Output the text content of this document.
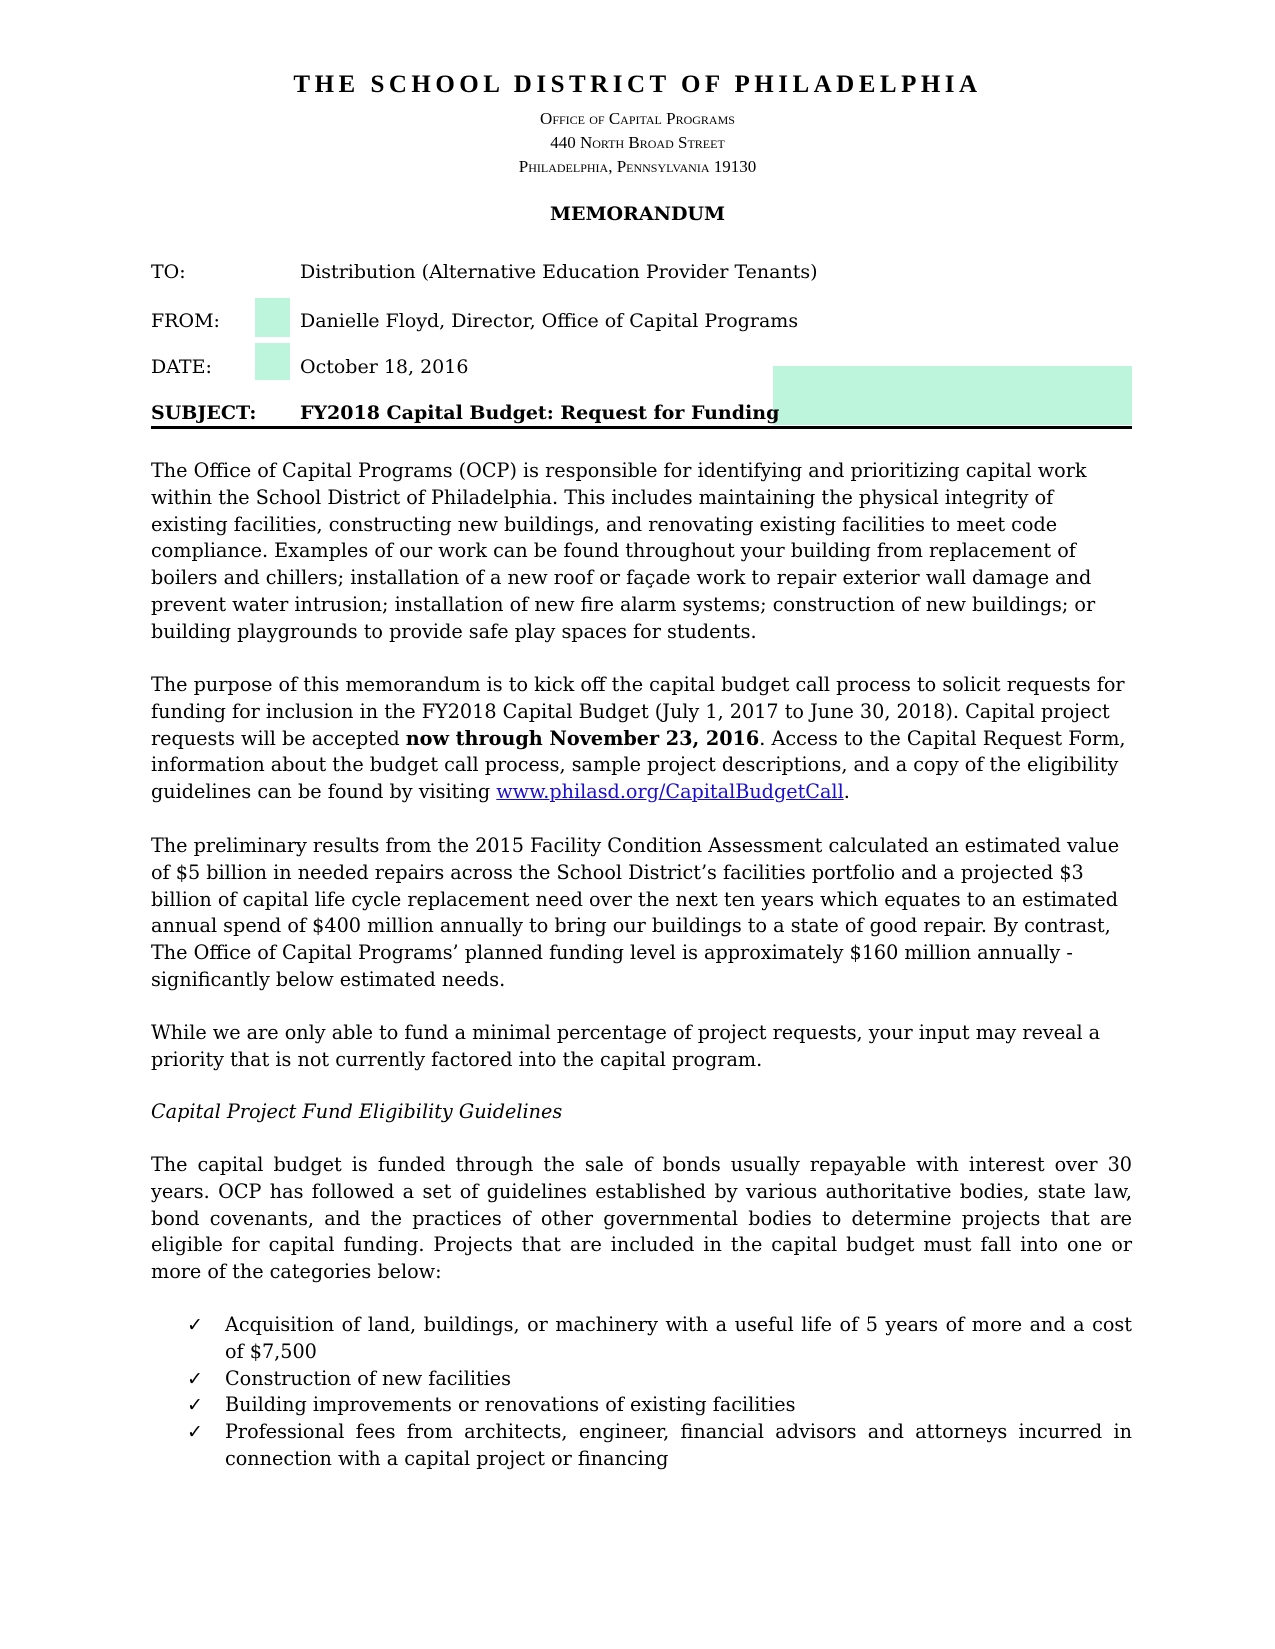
THE SCHOOL DISTRICT OF PHILADELPHIA
Office of Capital Programs
440 North Broad Street
Philadelphia, Pennsylvania 19130
MEMORANDUM
TO:	Distribution (Alternative Education Provider Tenants)
FROM:	Danielle Floyd, Director, Office of Capital Programs
DATE:	October 18, 2016
SUBJECT: FY2018 Capital Budget: Request for Funding
The Office of Capital Programs (OCP) is responsible for identifying and prioritizing capital work within the School District of Philadelphia. This includes maintaining the physical integrity of existing facilities, constructing new buildings, and renovating existing facilities to meet code compliance. Examples of our work can be found throughout your building from replacement of boilers and chillers; installation of a new roof or façade work to repair exterior wall damage and prevent water intrusion; installation of new fire alarm systems; construction of new buildings; or building playgrounds to provide safe play spaces for students.
The purpose of this memorandum is to kick off the capital budget call process to solicit requests for funding for inclusion in the FY2018 Capital Budget (July 1, 2017 to June 30, 2018). Capital project requests will be accepted now through November 23, 2016. Access to the Capital Request Form, information about the budget call process, sample project descriptions, and a copy of the eligibility guidelines can be found by visiting www.philasd.org/CapitalBudgetCall.
The preliminary results from the 2015 Facility Condition Assessment calculated an estimated value of $5 billion in needed repairs across the School District’s facilities portfolio and a projected $3 billion of capital life cycle replacement need over the next ten years which equates to an estimated annual spend of $400 million annually to bring our buildings to a state of good repair. By contrast, The Office of Capital Programs’ planned funding level is approximately $160 million annually - significantly below estimated needs.
While we are only able to fund a minimal percentage of project requests, your input may reveal a priority that is not currently factored into the capital program.
Capital Project Fund Eligibility Guidelines
The capital budget is funded through the sale of bonds usually repayable with interest over 30 years. OCP has followed a set of guidelines established by various authoritative bodies, state law, bond covenants, and the practices of other governmental bodies to determine projects that are eligible for capital funding. Projects that are included in the capital budget must fall into one or more of the categories below:
✓ Acquisition of land, buildings, or machinery with a useful life of 5 years of more and a cost of $7,500
✓ Construction of new facilities
✓ Building improvements or renovations of existing facilities
✓ Professional fees from architects, engineer, financial advisors and attorneys incurred in connection with a capital project or financing
